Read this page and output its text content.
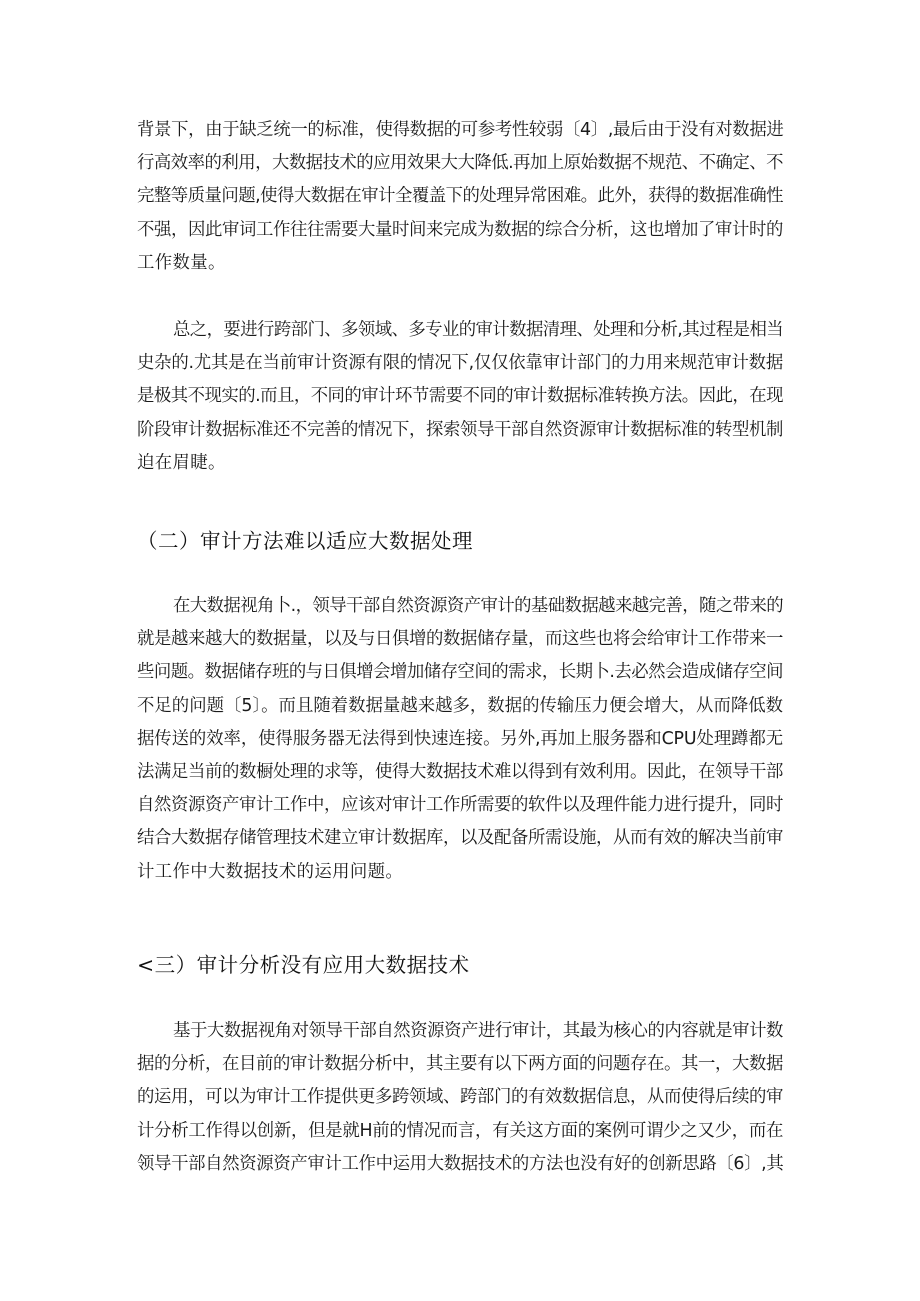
背景下，由于缺乏统一的标准，使得数据的可参考性较弱〔4〕,最后由于没有对数据进
行高效率的利用，大数据技术的应用效果大大降低.再加上原始数据不规范、不确定、不
完整等质量问题,使得大数据在审计全覆盖下的处理异常困难。此外，获得的数据准确性
不强，因此审词工作往往需要大量时间来完成为数据的综合分析，这也增加了审计时的
工作数量。
总之，要进行跨部门、多领域、多专业的审计数据清理、处理和分析,其过程是相当
史杂的.尤其是在当前审计资源有限的情况下,仅仅依靠审计部门的力用来规范审计数据
是极其不现实的.而且，不同的审计环节需要不同的审计数据标准转换方法。因此，在现
阶段审计数据标准还不完善的情况下，探索领导干部自然资源审计数据标准的转型机制
迫在眉睫。
（二）审计方法难以适应大数据处理
在大数据视角卜.，领导干部自然资源资产审计的基础数据越来越完善，随之带来的
就是越来越大的数据量，以及与日俱增的数据储存量，而这些也将会给审计工作带来一
些问题。数据储存班的与日俱增会增加储存空间的需求，长期卜.去必然会造成储存空间
不足的问题〔5〕。而且随着数据量越来越多，数据的传输压力便会增大，从而降低数
据传送的效率，使得服务器无法得到快速连接。另外,再加上服务器和CPU处理蹲都无
法满足当前的数橱处理的求等，使得大数据技术难以得到有效利用。因此，在领导干部
自然资源资产审计工作中，应该对审计工作所需要的软件以及理件能力进行提升，同时
结合大数据存储管理技术建立审计数据库，以及配备所需设施，从而有效的解决当前审
计工作中大数据技术的运用问题。
<三）审计分析没有应用大数据技术
基于大数据视角对领导干部自然资源资产进行审计，其最为核心的内容就是审计数
据的分析，在目前的审计数据分析中，其主要有以下两方面的问题存在。其一，大数据
的运用，可以为审计工作提供更多跨领域、跨部门的有效数据信息，从而使得后续的审
计分析工作得以创新，但是就H前的情况而言，有关这方面的案例可谓少之又少，而在
领导干部自然资源资产审计工作中运用大数据技术的方法也没有好的创新思路〔6〕,其
